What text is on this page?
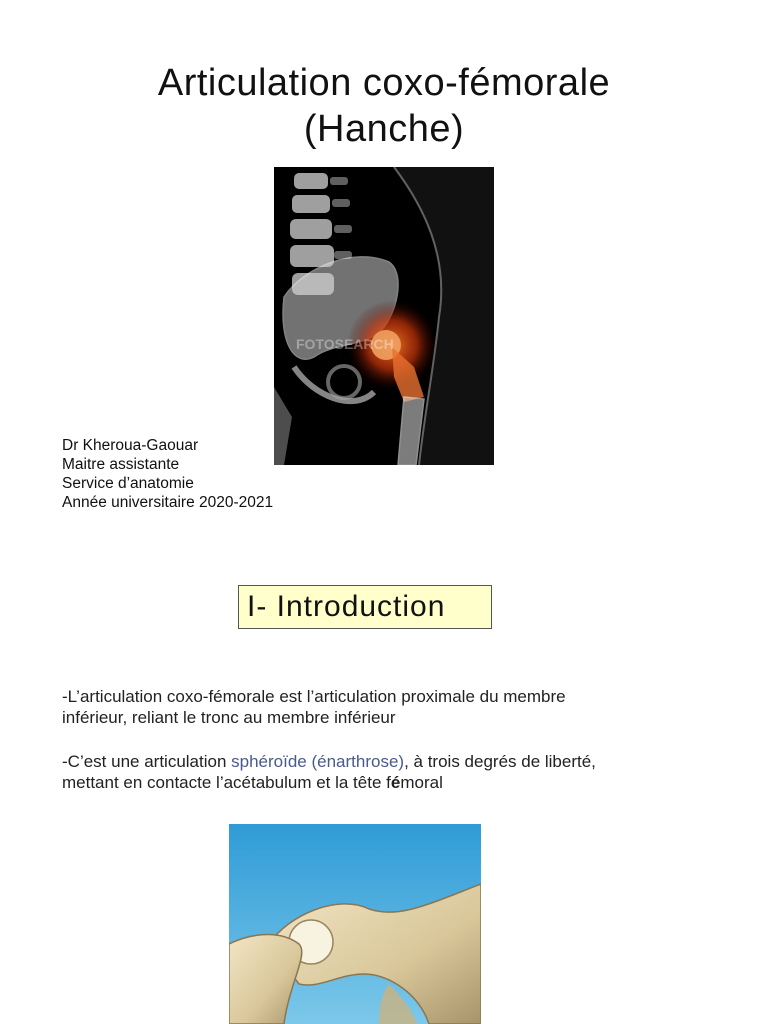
Articulation coxo-fémorale
(Hanche)
FOTOSEARCH
Dr Kheroua-Gaouar
Maitre assistante
Service d’anatomie
Année universitaire 2020-2021
I- Introduction
-L’articulation coxo-fémorale est l’articulation proximale du membre
inférieur, reliant le tronc au membre inférieur
-C’est une articulation sphéroïde (énarthrose), à trois degrés de liberté,
mettant en contacte l’acétabulum et la tête fémoral
